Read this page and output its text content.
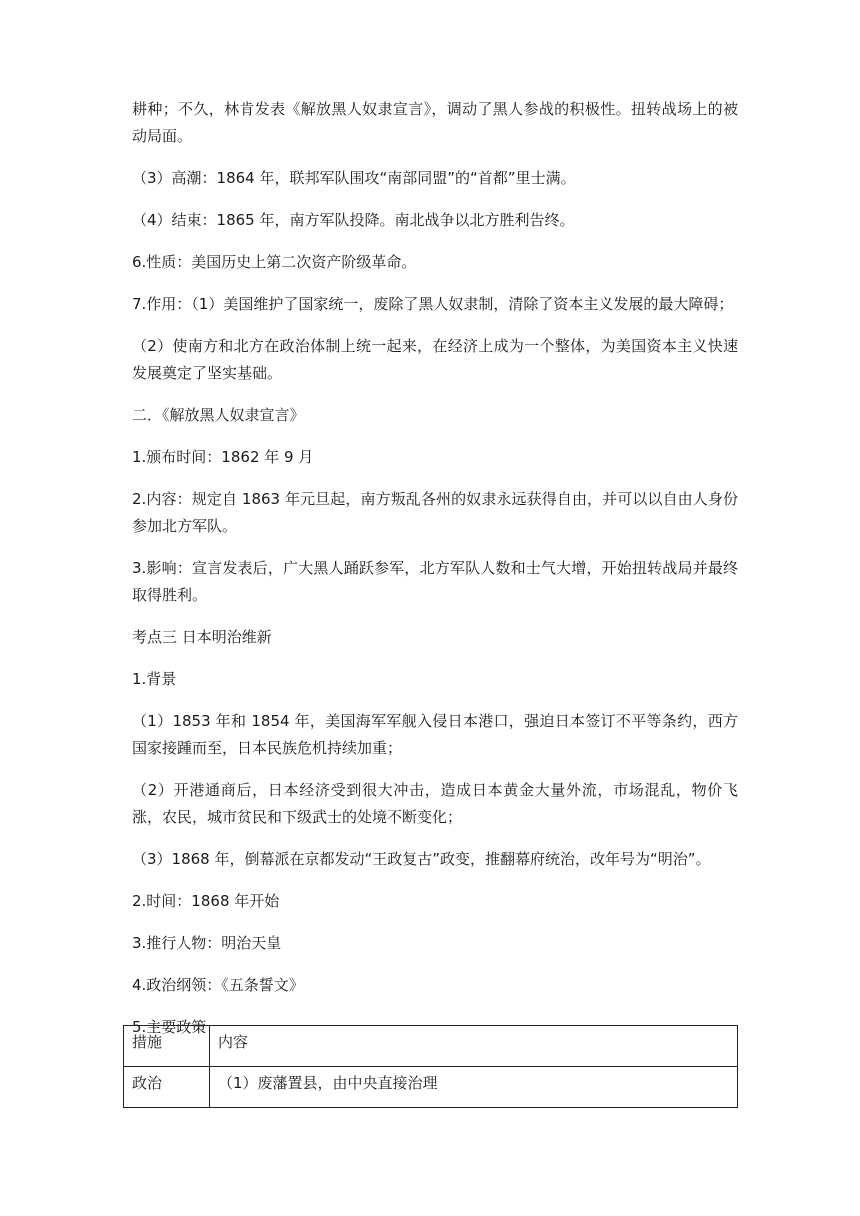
耕种；不久，林肯发表《解放黑人奴隶宣言》，调动了黑人参战的积极性。扭转战场上的被动局面。

（3）高潮：1864 年，联邦军队围攻“南部同盟”的“首都”里士满。

（4）结束：1865 年，南方军队投降。南北战争以北方胜利告终。

6.性质：美国历史上第二次资产阶级革命。

7.作用：（1）美国维护了国家统一，废除了黑人奴隶制，清除了资本主义发展的最大障碍；

（2）使南方和北方在政治体制上统一起来，在经济上成为一个整体，为美国资本主义快速发展奠定了坚实基础。

二．《解放黑人奴隶宣言》

1.颁布时间：1862 年 9 月

2.内容：规定自 1863 年元旦起，南方叛乱各州的奴隶永远获得自由，并可以以自由人身份参加北方军队。

3.影响：宣言发表后，广大黑人踊跃参军，北方军队人数和士气大增，开始扭转战局并最终取得胜利。

考点三 日本明治维新

1.背景

（1）1853 年和 1854 年，美国海军军舰入侵日本港口，强迫日本签订不平等条约，西方国家接踵而至，日本民族危机持续加重；

（2）开港通商后，日本经济受到很大冲击，造成日本黄金大量外流，市场混乱，物价飞涨，农民，城市贫民和下级武士的处境不断变化；

（3）1868 年，倒幕派在京都发动“王政复古”政变，推翻幕府统治，改年号为“明治”。

2.时间：1868 年开始

3.推行人物：明治天皇

4.政治纲领：《五条誓文》

5.主要政策

措施	内容
政治	（1）废藩置县，由中央直接治理
